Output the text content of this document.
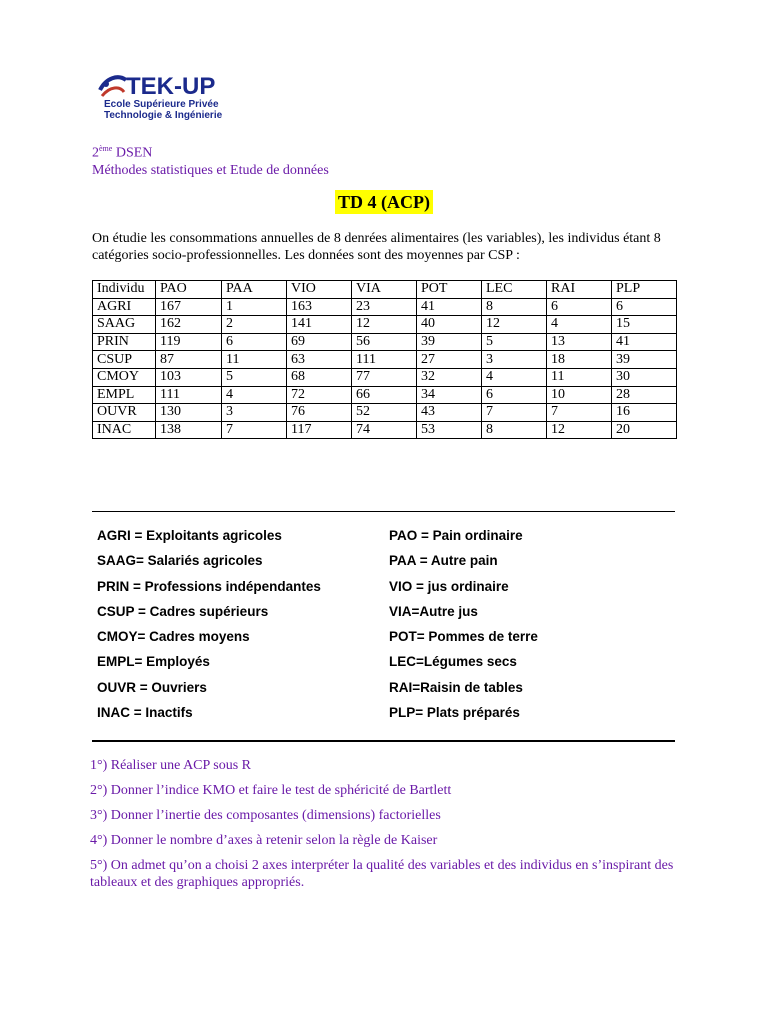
TEK-UP
Ecole Supérieure Privée
Technologie & Ingénierie
2ème DSEN
Méthodes statistiques et Etude de données
TD 4 (ACP)
On étudie les consommations annuelles de 8 denrées alimentaires (les variables), les individus étant 8 catégories socio-professionnelles. Les données sont des moyennes par CSP :
Individu	PAO	PAA	VIO	VIA	POT	LEC	RAI	PLP
AGRI	167	1	163	23	41	8	6	6
SAAG	162	2	141	12	40	12	4	15
PRIN	119	6	69	56	39	5	13	41
CSUP	87	11	63	111	27	3	18	39
CMOY	103	5	68	77	32	4	11	30
EMPL	111	4	72	66	34	6	10	28
OUVR	130	3	76	52	43	7	7	16
INAC	138	7	117	74	53	8	12	20
AGRI = Exploitants agricoles
SAAG= Salariés agricoles
PRIN = Professions indépendantes
CSUP = Cadres supérieurs
CMOY= Cadres moyens
EMPL= Employés
OUVR = Ouvriers
INAC = Inactifs
PAO = Pain ordinaire
PAA = Autre pain
VIO = jus ordinaire
VIA=Autre jus
POT= Pommes de terre
LEC=Légumes secs
RAI=Raisin de tables
PLP= Plats préparés
1°) Réaliser une ACP sous R
2°) Donner l’indice KMO et faire le test de sphéricité de Bartlett
3°) Donner l’inertie des composantes (dimensions) factorielles
4°) Donner le nombre d’axes à retenir selon la règle de Kaiser
5°) On admet qu’on a choisi 2 axes interpréter la qualité des variables et des individus en s’inspirant des tableaux et des graphiques appropriés.
